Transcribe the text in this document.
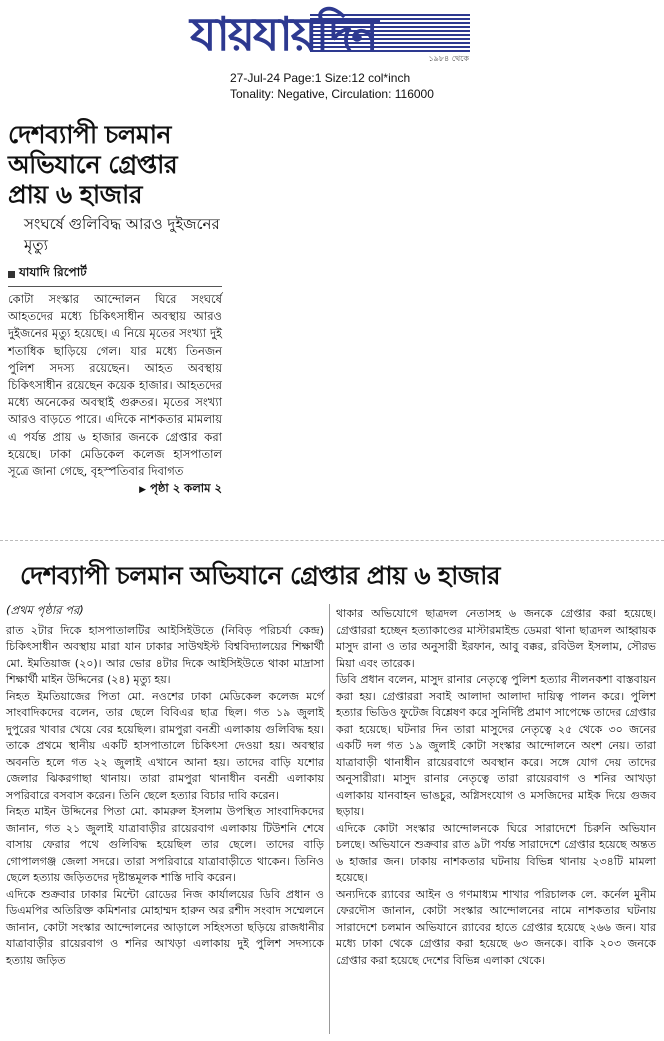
যায়যায়দিন	১৯৮৪ থেকে
27-Jul-24 Page:1 Size:12 col*inch
Tonality: Negative, Circulation: 116000
দেশব্যাপী চলমান অভিযানে গ্রেপ্তার প্রায় ৬ হাজার
সংঘর্ষে গুলিবিদ্ধ আরও দুইজনের মৃত্যু
যাযাদি রিপোর্ট
কোটা সংস্কার আন্দোলন ঘিরে সংঘর্ষে আহতদের মধ্যে চিকিৎসাধীন অবস্থায় আরও দুইজনের মৃত্যু হয়েছে। এ নিয়ে মৃতের সংখ্যা দুই শতাধিক ছাড়িয়ে গেল। যার মধ্যে তিনজন পুলিশ সদস্য রয়েছেন। আহত অবস্থায় চিকিৎসাধীন রয়েছেন কয়েক হাজার। আহতদের মধ্যে অনেকের অবস্থাই গুরুতর। মৃতের সংখ্যা আরও বাড়তে পারে। এদিকে নাশকতার মামলায় এ পর্যন্ত প্রায় ৬ হাজার জনকে গ্রেপ্তার করা হয়েছে। ঢাকা মেডিকেল কলেজ হাসপাতাল সূত্রে জানা গেছে, বৃহস্পতিবার দিবাগত
▶ পৃষ্ঠা ২ কলাম ২
দেশব্যাপী চলমান অভিযানে গ্রেপ্তার প্রায় ৬ হাজার
(প্রথম পৃষ্ঠার পর)

রাত ২টার দিকে হাসপাতালটির আইসিইউতে (নিবিড় পরিচর্যা কেন্দ্র) চিকিৎসাধীন অবস্থায় মারা যান ঢাকার সাউথইস্ট বিশ্ববিদ্যালয়ের শিক্ষার্থী মো. ইমতিয়াজ (২০)। আর ভোর ৪টার দিকে আইসিইউতে থাকা মাদ্রাসা শিক্ষার্থী মাইন উদ্দিনের (২৪) মৃত্যু হয়।

নিহত ইমতিয়াজের পিতা মো. নওশের ঢাকা মেডিকেল কলেজ মর্গে সাংবাদিকদের বলেন, তার ছেলে বিবিএর ছাত্র ছিল। গত ১৯ জুলাই দুপুরের খাবার খেয়ে বের হয়েছিল। রামপুরা বনশ্রী এলাকায় গুলিবিদ্ধ হয়। তাকে প্রথমে স্থানীয় একটি হাসপাতালে চিকিৎসা দেওয়া হয়। অবস্থার অবনতি হলে গত ২২ জুলাই এখানে আনা হয়। তাদের বাড়ি যশোর জেলার ঝিকরগাছা থানায়। তারা রামপুরা থানাধীন বনশ্রী এলাকায় সপরিবারে বসবাস করেন। তিনি ছেলে হত্যার বিচার দাবি করেন।

নিহত মাইন উদ্দিনের পিতা মো. কামরুল ইসলাম উপস্থিত সাংবাদিকদের জানান, গত ২১ জুলাই যাত্রাবাড়ীর রায়েরবাগ এলাকায় টিউশনি শেষে বাসায় ফেরার পথে গুলিবিদ্ধ হয়েছিল তার ছেলে। তাদের বাড়ি গোপালগঞ্জ জেলা সদরে। তারা সপরিবারে যাত্রাবাড়ীতে থাকেন। তিনিও ছেলে হত্যায় জড়িতদের দৃষ্টান্তমূলক শাস্তি দাবি করেন।

এদিকে শুক্রবার ঢাকার মিন্টো রোডের নিজ কার্যালয়ের ডিবি প্রধান ও ডিএমপির অতিরিক্ত কমিশনার মোহাম্মদ হারুন অর রশীদ সংবাদ সম্মেলনে জানান, কোটা সংস্কার আন্দোলনের আড়ালে সহিংসতা ছড়িয়ে রাজধানীর যাত্রাবাড়ীর রায়েরবাগ ও শনির আখড়া এলাকায় দুই পুলিশ সদস্যকে হত্যায় জড়িত

থাকার অভিযোগে ছাত্রদল নেতাসহ ৬ জনকে গ্রেপ্তার করা হয়েছে। গ্রেপ্তাররা হচ্ছেন হত্যাকাণ্ডের মাস্টারমাইন্ড ডেমরা থানা ছাত্রদল আহ্বায়ক মাসুদ রানা ও তার অনুসারী ইরফান, আবু বক্কর, রবিউল ইসলাম, সৌরভ মিয়া এবং তারেক।

ডিবি প্রধান বলেন, মাসুদ রানার নেতৃত্বে পুলিশ হত্যার নীলনকশা বাস্তবায়ন করা হয়। গ্রেপ্তাররা সবাই আলাদা আলাদা দায়িত্ব পালন করে। পুলিশ হত্যার ভিডিও ফুটেজ বিশ্লেষণ করে সুনির্দিষ্ট প্রমাণ সাপেক্ষে তাদের গ্রেপ্তার করা হয়েছে। ঘটনার দিন তারা মাসুদের নেতৃত্বে ২৫ থেকে ৩০ জনের একটি দল গত ১৯ জুলাই কোটা সংস্কার আন্দোলনে অংশ নেয়। তারা যাত্রাবাড়ী থানাধীন রায়েরবাগে অবস্থান করে। সঙ্গে যোগ দেয় তাদের অনুসারীরা। মাসুদ রানার নেতৃত্বে তারা রায়েরবাগ ও শনির আখড়া এলাকায় যানবাহন ভাঙচুর, অগ্নিসংযোগ ও মসজিদের মাইক দিয়ে গুজব ছড়ায়।

এদিকে কোটা সংস্কার আন্দোলনকে ঘিরে সারাদেশে চিরুনি অভিযান চলছে। অভিযানে শুক্রবার রাত ৯টা পর্যন্ত সারাদেশে গ্রেপ্তার হয়েছে অন্তত ৬ হাজার জন। ঢাকায় নাশকতার ঘটনায় বিভিন্ন থানায় ২৩৪টি মামলা হয়েছে।

অন্যদিকে র‍্যাবের আইন ও গণমাধ্যম শাখার পরিচালক লে. কর্নেল মুনীম ফেরদৌস জানান, কোটা সংস্কার আন্দোলনের নামে নাশকতার ঘটনায় সারাদেশে চলমান অভিযানে র‍্যাবের হাতে গ্রেপ্তার হয়েছে ২৬৬ জন। যার মধ্যে ঢাকা থেকে গ্রেপ্তার করা হয়েছে ৬৩ জনকে। বাকি ২০৩ জনকে গ্রেপ্তার করা হয়েছে দেশের বিভিন্ন এলাকা থেকে।
